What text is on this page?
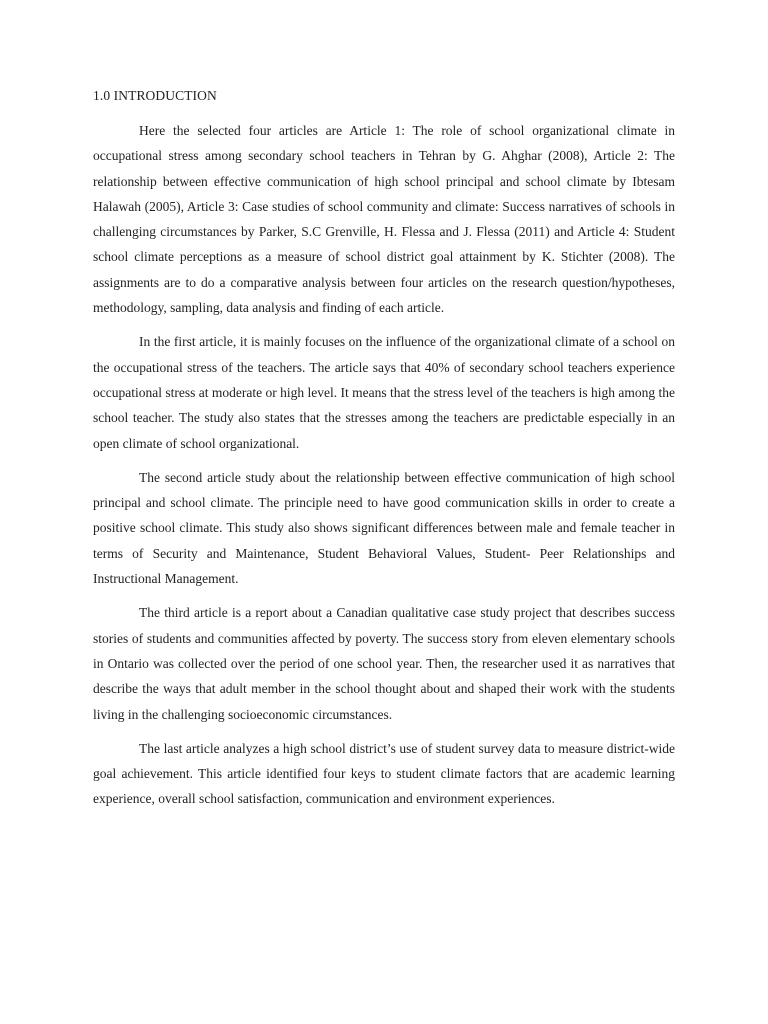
1.0 INTRODUCTION

Here the selected four articles are Article 1: The role of school organizational climate in occupational stress among secondary school teachers in Tehran by G. Ahghar (2008), Article 2: The relationship between effective communication of high school principal and school climate by Ibtesam Halawah (2005), Article 3: Case studies of school community and climate: Success narratives of schools in challenging circumstances by Parker, S.C Grenville, H. Flessa and J. Flessa (2011) and Article 4: Student school climate perceptions as a measure of school district goal attainment by K. Stichter (2008). The assignments are to do a comparative analysis between four articles on the research question/hypotheses, methodology, sampling, data analysis and finding of each article.

In the first article, it is mainly focuses on the influence of the organizational climate of a school on the occupational stress of the teachers. The article says that 40% of secondary school teachers experience occupational stress at moderate or high level. It means that the stress level of the teachers is high among the school teacher. The study also states that the stresses among the teachers are predictable especially in an open climate of school organizational.

The second article study about the relationship between effective communication of high school principal and school climate. The principle need to have good communication skills in order to create a positive school climate. This study also shows significant differences between male and female teacher in terms of Security and Maintenance, Student Behavioral Values, Student- Peer Relationships and Instructional Management.

The third article is a report about a Canadian qualitative case study project that describes success stories of students and communities affected by poverty. The success story from eleven elementary schools in Ontario was collected over the period of one school year. Then, the researcher used it as narratives that describe the ways that adult member in the school thought about and shaped their work with the students living in the challenging socioeconomic circumstances.

The last article analyzes a high school district’s use of student survey data to measure district-wide goal achievement. This article identified four keys to student climate factors that are academic learning experience, overall school satisfaction, communication and environment experiences.
